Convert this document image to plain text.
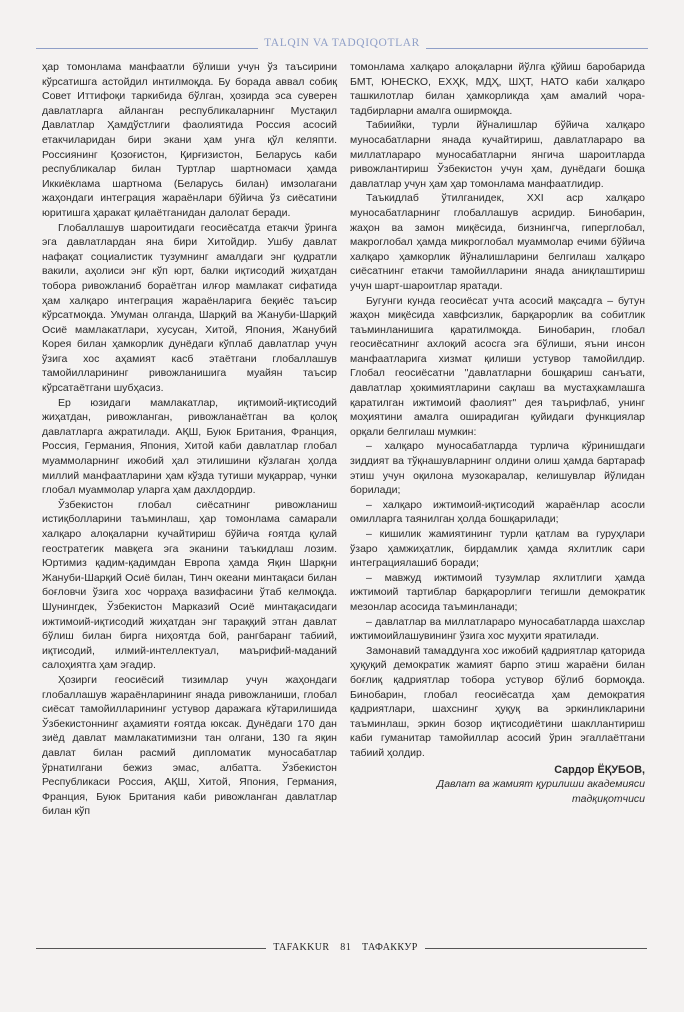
TALQIN VA TADQIQOTLAR

ҳар томонлама манфаатли бўлиши учун ўз таъсирини кўрсатишга астойдил интилмоқда. Бу борада аввал собиқ Совет Иттифоқи таркибида бўлган, ҳозирда эса суверен давлатларга айланган республикаларнинг Мустақил Давлатлар Ҳамдўстлиги фаолиятида Россия асосий етакчиларидан бири экани ҳам унга қўл келяпти. Россиянинг Қозоғистон, Қирғизистон, Беларусь каби республикалар билан Туртлар шартномаси ҳамда Иккиёклама шартнома (Беларусь билан) имзолагани жаҳондаги интеграция жараёнлари бўйича ўз сиёсатини юритишга ҳаракат қилаётганидан далолат беради.

Глобаллашув шароитидаги геосиёсатда етакчи ўринга эга давлатлардан яна бири Хитойдир. Ушбу давлат нафақат социалистик тузумнинг амалдаги энг қудратли вакили, аҳолиси энг кўп юрт, балки иқтисодий жиҳатдан тобора ривожланиб бораётган илғор мамлакат сифатида ҳам халқаро интеграция жараёнларига беқиёс таъсир кўрсатмоқда. Умуман олганда, Шарқий ва Жануби-Шарқий Осиё мамлакатлари, хусусан, Хитой, Япония, Жанубий Корея билан ҳамкорлик дунёдаги кўплаб давлатлар учун ўзига хос аҳамият касб этаётгани глобаллашув тамойилларининг ривожланишига муайян таъсир кўрсатаётгани шубҳасиз.

Ер юзидаги мамлакатлар, иқтимоий-иқтисодий жиҳатдан, ривожланган, ривожланаётган ва қолоқ давлатларга ажратилади. АҚШ, Буюк Британия, Франция, Россия, Германия, Япония, Хитой каби давлатлар глобал муаммоларнинг ижобий ҳал этилишини кўзлаган ҳолда миллий манфаатларини ҳам кўзда тутиши муқаррар, чунки глобал муаммолар уларга ҳам дахлдордир.

Ўзбекистон глобал сиёсатнинг ривожланиш истиқболларини таъминлаш, ҳар томонлама самарали халқаро алоқаларни кучайтириш бўйича ғоятда қулай геостратегик мавқега эга эканини таъкидлаш лозим. Юртимиз қадим-қадимдан Европа ҳамда Яқин Шарқни Жануби-Шарқий Осиё билан, Тинч океани минтақаси билан боғловчи ўзига хос чорраҳа вазифасини ўтаб келмоқда. Шунингдек, Ўзбекистон Марказий Осиё минтақасидаги ижтимоий-иқтисодий жиҳатдан энг тараққий этган давлат бўлиш билан бирга ниҳоятда бой, рангбаранг табиий, иқтисодий, илмий-интеллектуал, маърифий-маданий салоҳиятга ҳам эгадир.

Ҳозирги геосиёсий тизимлар учун жаҳондаги глобаллашув жараёнларининг янада ривожланиши, глобал сиёсат тамойилларининг устувор даражага кўтарилишида Ўзбекистоннинг аҳамияти ғоятда юксак. Дунёдаги 170 дан зиёд давлат мамлакатимизни тан олгани, 130 га яқин давлат билан расмий дипломатик муносабатлар ўрнатилгани бежиз эмас, албатта. Ўзбекистон Республикаси Россия, АҚШ, Хитой, Япония, Германия, Франция, Буюк Британия каби ривожланган давлатлар билан кўп

томонлама халқаро алоқаларни йўлга қўйиш баробарида БМТ, ЮНЕСКО, ЕХҲК, МДҲ, ШҲТ, НАТО каби халқаро ташкилотлар билан ҳамкорликда ҳам амалий чора-тадбирларни амалга оширмоқда.

Табиийки, турли йўналишлар бўйича халқаро муносабатларни янада кучайтириш, давлатлараро ва миллатлараро муносабатларни янгича шароитларда ривожлантириш Ўзбекистон учун ҳам, дунёдаги бошқа давлатлар учун ҳам ҳар томонлама манфаатлидир.

Таъкидлаб ўтилганидек, XXI аср халқаро муносабатларнинг глобаллашув асридир. Бинобарин, жаҳон ва замон миқёсида, бизнингча, гиперглобал, макроглобал ҳамда микроглобал муаммолар ечими бўйича халқаро ҳамкорлик йўналишларини белгилаш халқаро сиёсатнинг етакчи тамойилларини янада аниқлаштириш учун шарт-шароитлар яратади.

Бугунги кунда геосиёсат учта асосий мақсадга – бутун жаҳон миқёсида хавфсизлик, барқарорлик ва собитлик таъминланишига қаратилмоқда. Бинобарин, глобал геосиёсатнинг ахлоқий асосга эга бўлиши, яъни инсон манфаатларига хизмат қилиши устувор тамойилдир. Глобал геосиёсатни "давлатларни бошқариш санъати, давлатлар ҳокимиятларини сақлаш ва мустаҳкамлашга қаратилган ижтимоий фаолият" дея таърифлаб, унинг моҳиятини амалга оширадиган қуйидаги функциялар орқали белгилаш мумкин:

– халқаро муносабатларда турлича кўринишдаги зиддият ва тўқнашувларнинг олдини олиш ҳамда бартараф этиш учун оқилона музокаралар, келишувлар йўлидан борилади;

– халқаро ижтимоий-иқтисодий жараёнлар асосли омилларга таянилган ҳолда бошқарилади;

– кишилик жамиятининг турли қатлам ва гуруҳлари ўзаро ҳамжиҳатлик, бирдамлик ҳамда яхлитлик сари интеграциялашиб боради;

– мавжуд ижтимоий тузумлар яхлитлиги ҳамда ижтимоий тартиблар барқарорлиги тегишли демократик мезонлар асосида таъминланади;

– давлатлар ва миллатлараро муносабатларда шахслар ижтимоийлашувининг ўзига хос муҳити яратилади.

Замонавий тамаддунга хос ижобий қадриятлар қаторида ҳуқуқий демократик жамият барпо этиш жараёни билан боғлиқ қадриятлар тобора устувор бўлиб бормоқда. Бинобарин, глобал геосиёсатда ҳам демократия қадриятлари, шахснинг ҳуқуқ ва эркинликларини таъминлаш, эркин бозор иқтисодиётини шакллантириш каби гуманитар тамойиллар асосий ўрин эгаллаётгани табиий ҳолдир.

Сардор ЁҚУБОВ,
Давлат ва жамият қурилиши академияси
тадқиқотчиси
TAFAKKUR 81 ТАФАККУР
